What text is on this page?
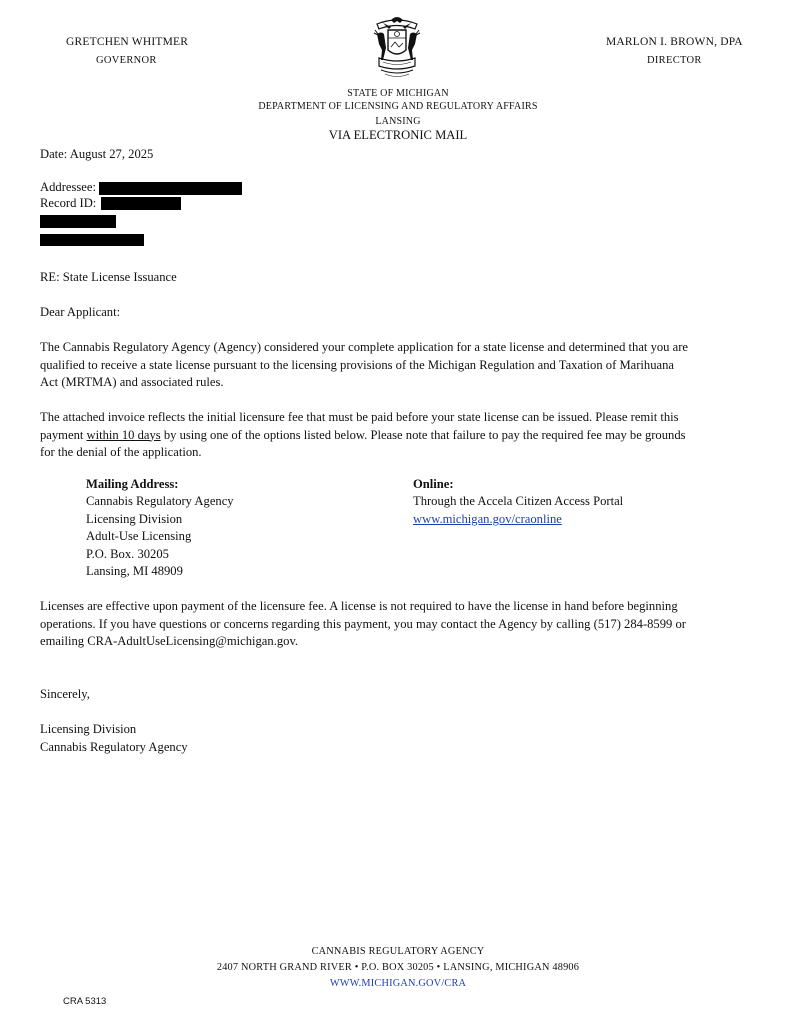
GRETCHEN WHITMER
GOVERNOR
MARLON I. BROWN, DPA
DIRECTOR
STATE OF MICHIGAN
DEPARTMENT OF LICENSING AND REGULATORY AFFAIRS
LANSING
VIA ELECTRONIC MAIL
Date: August 27, 2025
Addressee:
Record ID:
RE: State License Issuance
Dear Applicant:
The Cannabis Regulatory Agency (Agency) considered your complete application for a state license and determined that you are qualified to receive a state license pursuant to the licensing provisions of the Michigan Regulation and Taxation of Marihuana Act (MRTMA) and associated rules.
The attached invoice reflects the initial licensure fee that must be paid before your state license can be issued. Please remit this payment within 10 days by using one of the options listed below. Please note that failure to pay the required fee may be grounds for the denial of the application.
Mailing Address:
Cannabis Regulatory Agency
Licensing Division
Adult-Use Licensing
P.O. Box. 30205
Lansing, MI 48909
Online:
Through the Accela Citizen Access Portal
www.michigan.gov/craonline
Licenses are effective upon payment of the licensure fee. A license is not required to have the license in hand before beginning operations. If you have questions or concerns regarding this payment, you may contact the Agency by calling (517) 284-8599 or emailing CRA-AdultUseLicensing@michigan.gov.
Sincerely,
Licensing Division
Cannabis Regulatory Agency
CANNABIS REGULATORY AGENCY
2407 NORTH GRAND RIVER • P.O. BOX 30205 • LANSING, MICHIGAN 48906
WWW.MICHIGAN.GOV/CRA
CRA 5313
